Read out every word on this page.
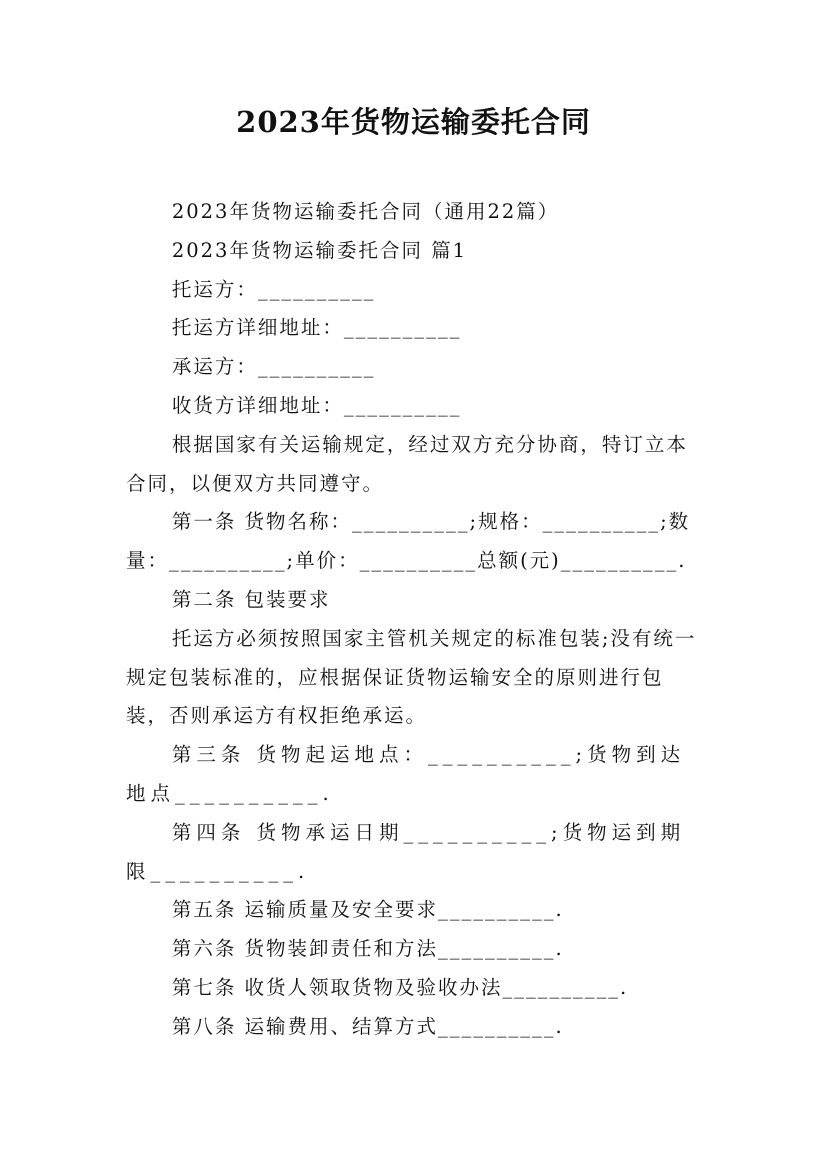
2023年货物运输委托合同

2023年货物运输委托合同（通用22篇）

2023年货物运输委托合同 篇1

托运方：__________

托运方详细地址：__________

承运方：__________

收货方详细地址：__________

根据国家有关运输规定，经过双方充分协商，特订立本合同，以便双方共同遵守。

第一条 货物名称：__________;规格：__________;数量：__________;单价：__________总额(元)__________.

第二条 包装要求

托运方必须按照国家主管机关规定的标准包装;没有统一规定包装标准的，应根据保证货物运输安全的原则进行包装，否则承运方有权拒绝承运。

第三条 货物起运地点：__________;货物到达地点__________.

第四条 货物承运日期__________;货物运到期限__________.

第五条 运输质量及安全要求__________.

第六条 货物装卸责任和方法__________.

第七条 收货人领取货物及验收办法__________.

第八条 运输费用、结算方式__________.
